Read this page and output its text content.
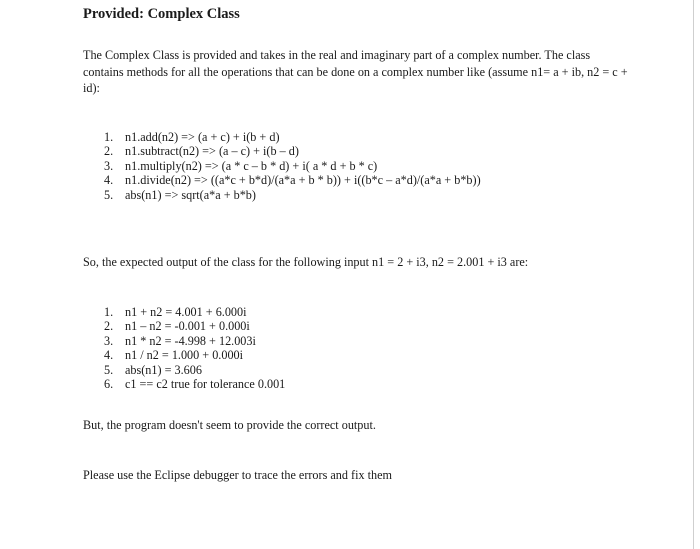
Provided: Complex Class

The Complex Class is provided and takes in the real and imaginary part of a complex number. The class contains methods for all the operations that can be done on a complex number like (assume n1= a + ib, n2 = c + id):

1. n1.add(n2) => (a + c) + i(b + d)
2. n1.subtract(n2) => (a – c) + i(b – d)
3. n1.multiply(n2) => (a * c – b * d) + i( a * d + b * c)
4. n1.divide(n2) => ((a*c + b*d)/(a*a + b * b)) + i((b*c – a*d)/(a*a + b*b))
5. abs(n1) => sqrt(a*a + b*b)

So, the expected output of the class for the following input n1 = 2 + i3, n2 = 2.001 + i3 are:

1. n1 + n2 = 4.001 + 6.000i
2. n1 – n2 = -0.001 + 0.000i
3. n1 * n2 = -4.998 + 12.003i
4. n1 / n2 = 1.000 + 0.000i
5. abs(n1) = 3.606
6. c1 == c2 true for tolerance 0.001

But, the program doesn't seem to provide the correct output.

Please use the Eclipse debugger to trace the errors and fix them
